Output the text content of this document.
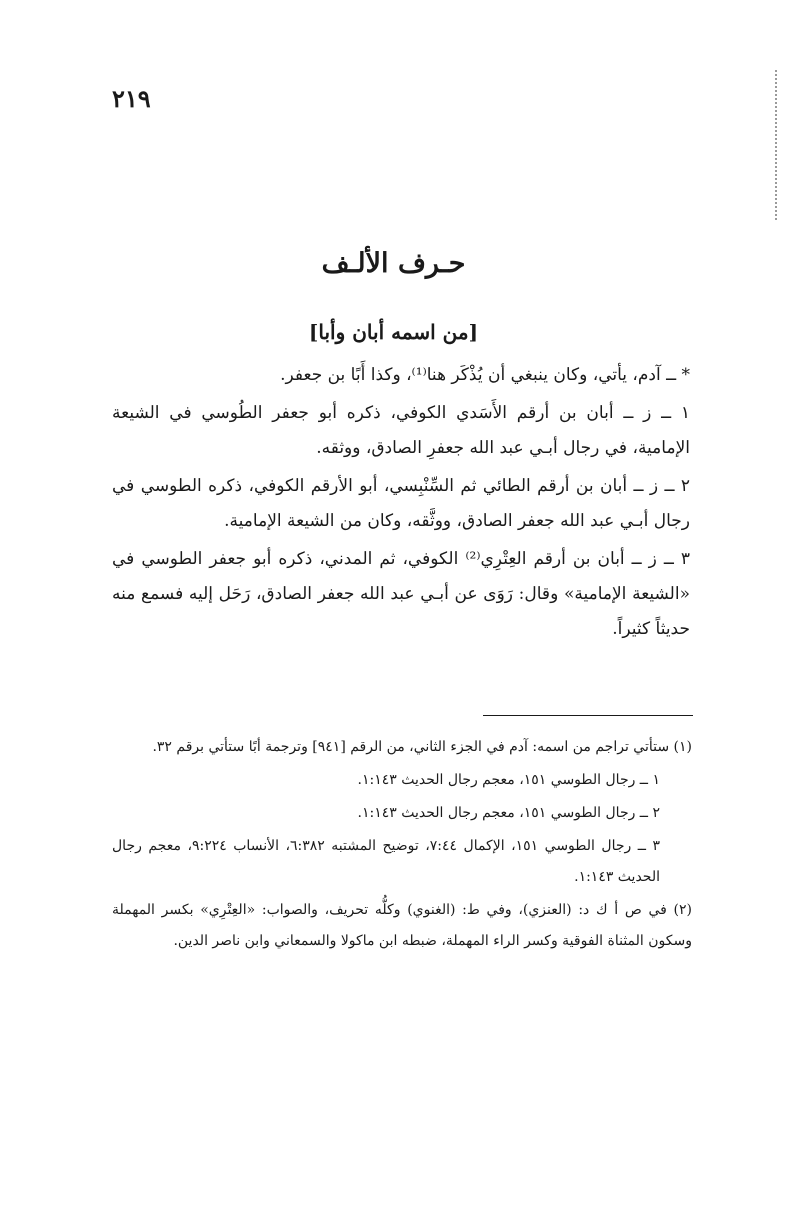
٢١٩
حـرف الألـف
[من اسمه أبان وأبا]

* ــ آدم، يأتي، وكان ينبغي أن يُذْكَر هنا⁽¹⁾، وكذا أَبًا بن جعفر.

١ ــ ز ــ أبان بن أرقم الأَسَدي الكوفي، ذكره أبو جعفر الطُوسي في الشيعة الإمامية، في رجال أبـي عبد الله جعفرِ الصادق، ووثقه.

٢ ــ ز ــ أبان بن أرقم الطائي ثم السِّنْبِسي، أبو الأرقم الكوفي، ذكره الطوسي في رجال أبـي عبد الله جعفر الصادق، ووثَّقه، وكان من الشيعة الإمامية.

٣ ــ ز ــ أبان بن أرقم العِتْرِي⁽²⁾ الكوفي، ثم المدني، ذكره أبو جعفر الطوسي في «الشيعة الإمامية» وقال: رَوَى عن أبـي عبد الله جعفر الصادق، رَحَل إليه فسمع منه حديثاً كثيراً.

(١) ستأتي تراجم من اسمه: آدم في الجزء الثاني، من الرقم [٩٤١] وترجمة أبًا ستأتي برقم ٣٢.

١ ــ رجال الطوسي ١٥١، معجم رجال الحديث ١:١٤٣.

٢ ــ رجال الطوسي ١٥١، معجم رجال الحديث ١:١٤٣.

٣ ــ رجال الطوسي ١٥١، الإكمال ٧:٤٤، توضيح المشتبه ٦:٣٨٢، الأنساب ٩:٢٢٤، معجم رجال الحديث ١:١٤٣.

(٢) في ص أ ك د: (العنزي)، وفي ط: (الغنوي) وكلُّه تحريف، والصواب: «العِتْرِي» بكسر المهملة وسكون المثناة الفوقية وكسر الراء المهملة، ضبطه ابن ماكولا والسمعاني وابن ناصر الدين.
